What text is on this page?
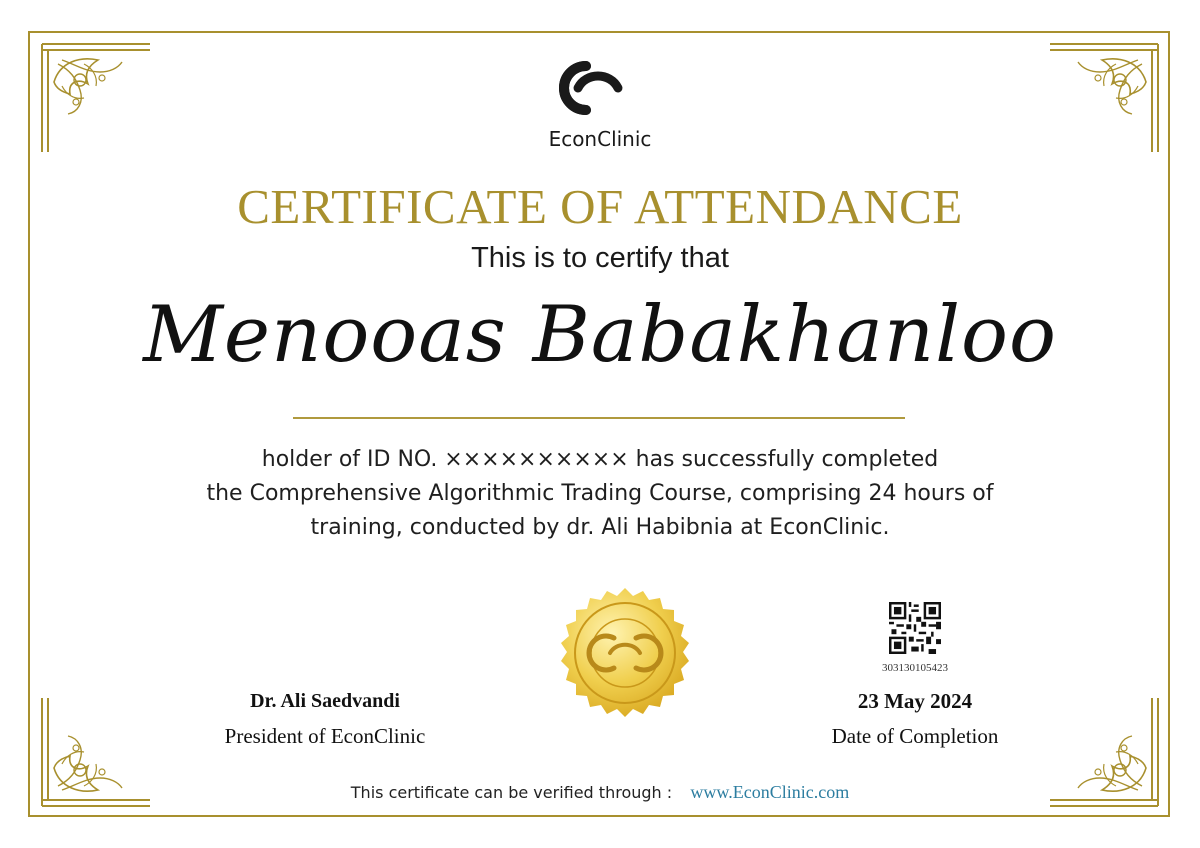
EconClinic
CERTIFICATE OF ATTENDANCE
This is to certify that
Menooas Babakhanloo
holder of ID NO. ×××××××××× has successfully completed
the Comprehensive Algorithmic Trading Course, comprising 24 hours of
training, conducted by dr. Ali Habibnia at EconClinic.
303130105423
Dr. Ali Saedvandi
President of EconClinic
23 May 2024
Date of Completion
This certificate can be verified through : www.EconClinic.com
